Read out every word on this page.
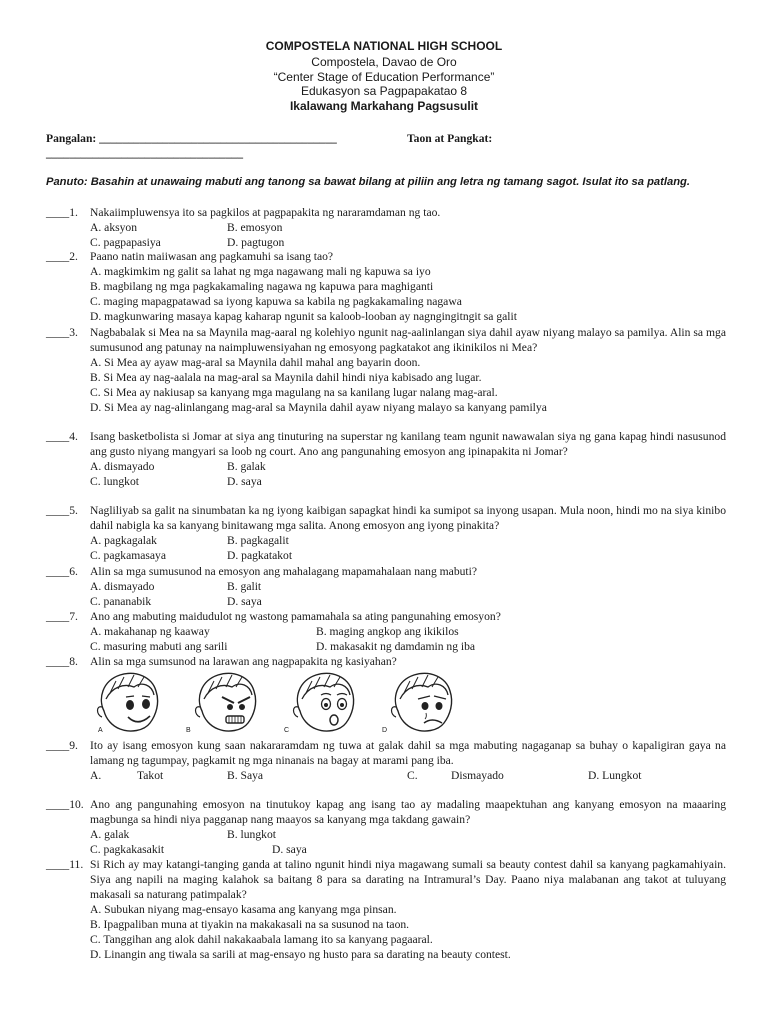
COMPOSTELA NATIONAL HIGH SCHOOL
Compostela, Davao de Oro
“Center Stage of Education Performance”
Edukasyon sa Pagpapakatao 8
Ikalawang Markahang Pagsusulit
Pangalan: _________________________________________	Taon at Pangkat:
__________________________________
Panuto: Basahin at unawaing mabuti ang tanong sa bawat bilang at piliin ang letra ng tamang sagot. Isulat ito sa patlang.
____1.	Nakaiimpluwensya ito sa pagkilos at pagpapakita ng nararamdaman ng tao.
A. aksyon	B. emosyon
C. pagpapasiya	D. pagtugon
____2.	Paano natin maiiwasan ang pagkamuhi sa isang tao?
A. magkimkim ng galit sa lahat ng mga nagawang mali ng kapuwa sa iyo
B. magbilang ng mga pagkakamaling nagawa ng kapuwa para maghiganti
C. maging mapagpatawad sa iyong kapuwa sa kabila ng pagkakamaling nagawa
D. magkunwaring masaya kapag kaharap ngunit sa kaloob-looban ay nagngingitngit sa galit
____3.	Nagbabalak si Mea na sa Maynila mag-aaral ng kolehiyo ngunit nag-aalinlangan siya dahil ayaw niyang malayo sa pamilya. Alin sa mga sumusunod ang patunay na naimpluwensiyahan ng emosyong pagkatakot ang ikinikilos ni Mea?
A. Si Mea ay ayaw mag-aral sa Maynila dahil mahal ang bayarin doon.
B. Si Mea ay nag-aalala na mag-aral sa Maynila dahil hindi niya kabisado ang lugar.
C. Si Mea ay nakiusap sa kanyang mga magulang na sa kanilang lugar nalang mag-aral.
D. Si Mea ay nag-alinlangang mag-aral sa Maynila dahil ayaw niyang malayo sa kanyang pamilya
____4.	Isang basketbolista si Jomar at siya ang tinuturing na superstar ng kanilang team ngunit nawawalan siya ng gana kapag hindi nasusunod ang gusto niyang mangyari sa loob ng court. Ano ang pangunahing emosyon ang ipinapakita ni Jomar?
A. dismayado	B. galak
C. lungkot	D. saya
____5.	Nagliliyab sa galit na sinumbatan ka ng iyong kaibigan sapagkat hindi ka sumipot sa inyong usapan. Mula noon, hindi mo na siya kinibo dahil nabigla ka sa kanyang binitawang mga salita. Anong emosyon ang iyong pinakita?
A. pagkagalak	B. pagkagalit
C. pagkamasaya	D. pagkatakot
____6.	Alin sa mga sumusunod na emosyon ang mahalagang mapamahalaan nang mabuti?
A. dismayado	B. galit
C. pananabik	D. saya
____7.	Ano ang mabuting maidudulot ng wastong pamamahala sa ating pangunahing emosyon?
A. makahanap ng kaaway	B. maging angkop ang ikikilos
C. masuring mabuti ang sarili	D. makasakit ng damdamin ng iba
____8.	Alin sa mga sumsunod na larawan ang nagpapakita ng kasiyahan?
A	B	C	D
____9.	Ito ay isang emosyon kung saan nakararamdam ng tuwa at galak dahil sa mga mabuting nagaganap sa buhay o kapaligiran gaya na lamang ng tagumpay, pagkamit ng mga ninanais na bagay at marami pang iba.
A.	Takot	B. Saya	C.	Dismayado	D. Lungkot
____10. Ano ang pangunahing emosyon na tinutukoy kapag ang isang tao ay madaling maapektuhan ang kanyang emosyon na maaaring magbunga sa hindi niya pagganap nang maayos sa kanyang mga takdang gawain?
A. galak	B. lungkot
C. pagkakasakit	D. saya
____11. Si Rich ay may katangi-tanging ganda at talino ngunit hindi niya magawang sumali sa beauty contest dahil sa kanyang pagkamahiyain. Siya ang napili na maging kalahok sa baitang 8 para sa darating na Intramural’s Day. Paano niya malabanan ang takot at tuluyang makasali sa naturang patimpalak?
A. Subukan niyang mag-ensayo kasama ang kanyang mga pinsan.
B. Ipagpaliban muna at tiyakin na makakasali na sa susunod na taon.
C. Tanggihan ang alok dahil nakakaabala lamang ito sa kanyang pagaaral.
D. Linangin ang tiwala sa sarili at mag-ensayo ng husto para sa darating na beauty contest.
